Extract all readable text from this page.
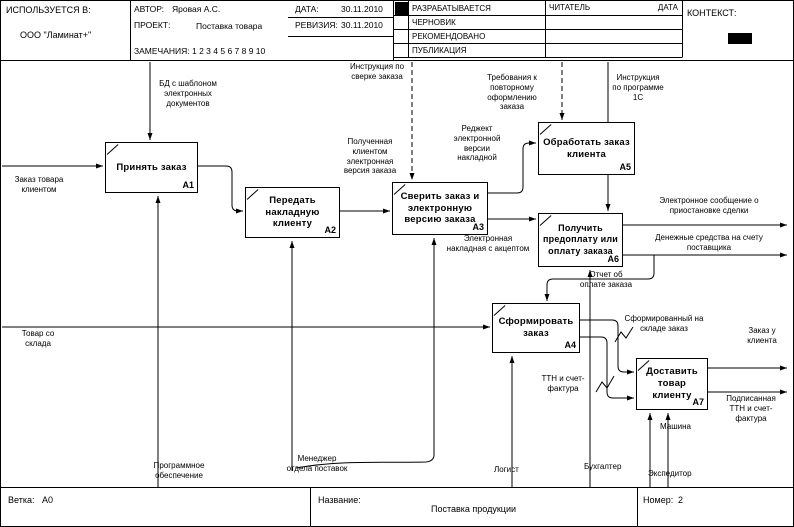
ИСПОЛЬЗУЕТСЯ В:
ООО "Ламинат+"
АВТОР: Яровая А.С.	ДАТА:	30.11.2010
ПРОЕКТ:	Поставка товара	РЕВИЗИЯ: 30.11.2010
ЗАМЕЧАНИЯ: 1 2 3 4 5 6 7 8 9 10
РАЗРАБАТЫВАЕТСЯ
ЧЕРНОВИК
РЕКОМЕНДОВАНО
ПУБЛИКАЦИЯ
ЧИТАТЕЛЬ	ДАТА
КОНТЕКСТ:
Принять заказ
A1
Передать накладную клиенту
A2
Сверить заказ и электронную версию заказа
A3
Обработать заказ клиента
A5
Получить предоплату или оплату заказа
A6
Сформировать заказ
A4
Доставить товар клиенту
A7
Заказ товара клиентом
БД с шаблоном электронных документов
Инструкция по сверке заказа
Полученная клиентом электронная версия заказа
Реджект электронной версии накладной
Требования к повторному оформлению заказа
Инструкция по программе 1С
Электронная накладная с акцептом
Электронное сообщение о приостановке сделки
Денежные средства на счету поставщика
Отчет об оплате заказа
Сформированный на складе заказ
ТТН и счет-фактура
Заказ у клиента
Подписанная ТТН и счет-фактура
Товар со склада
Программное обеспечение
Менеджер отдела поставок	Логист	Бухгалтер
Экспедитор
Машина
Ветка: A0	Название:
Поставка продукции
Номер: 2
